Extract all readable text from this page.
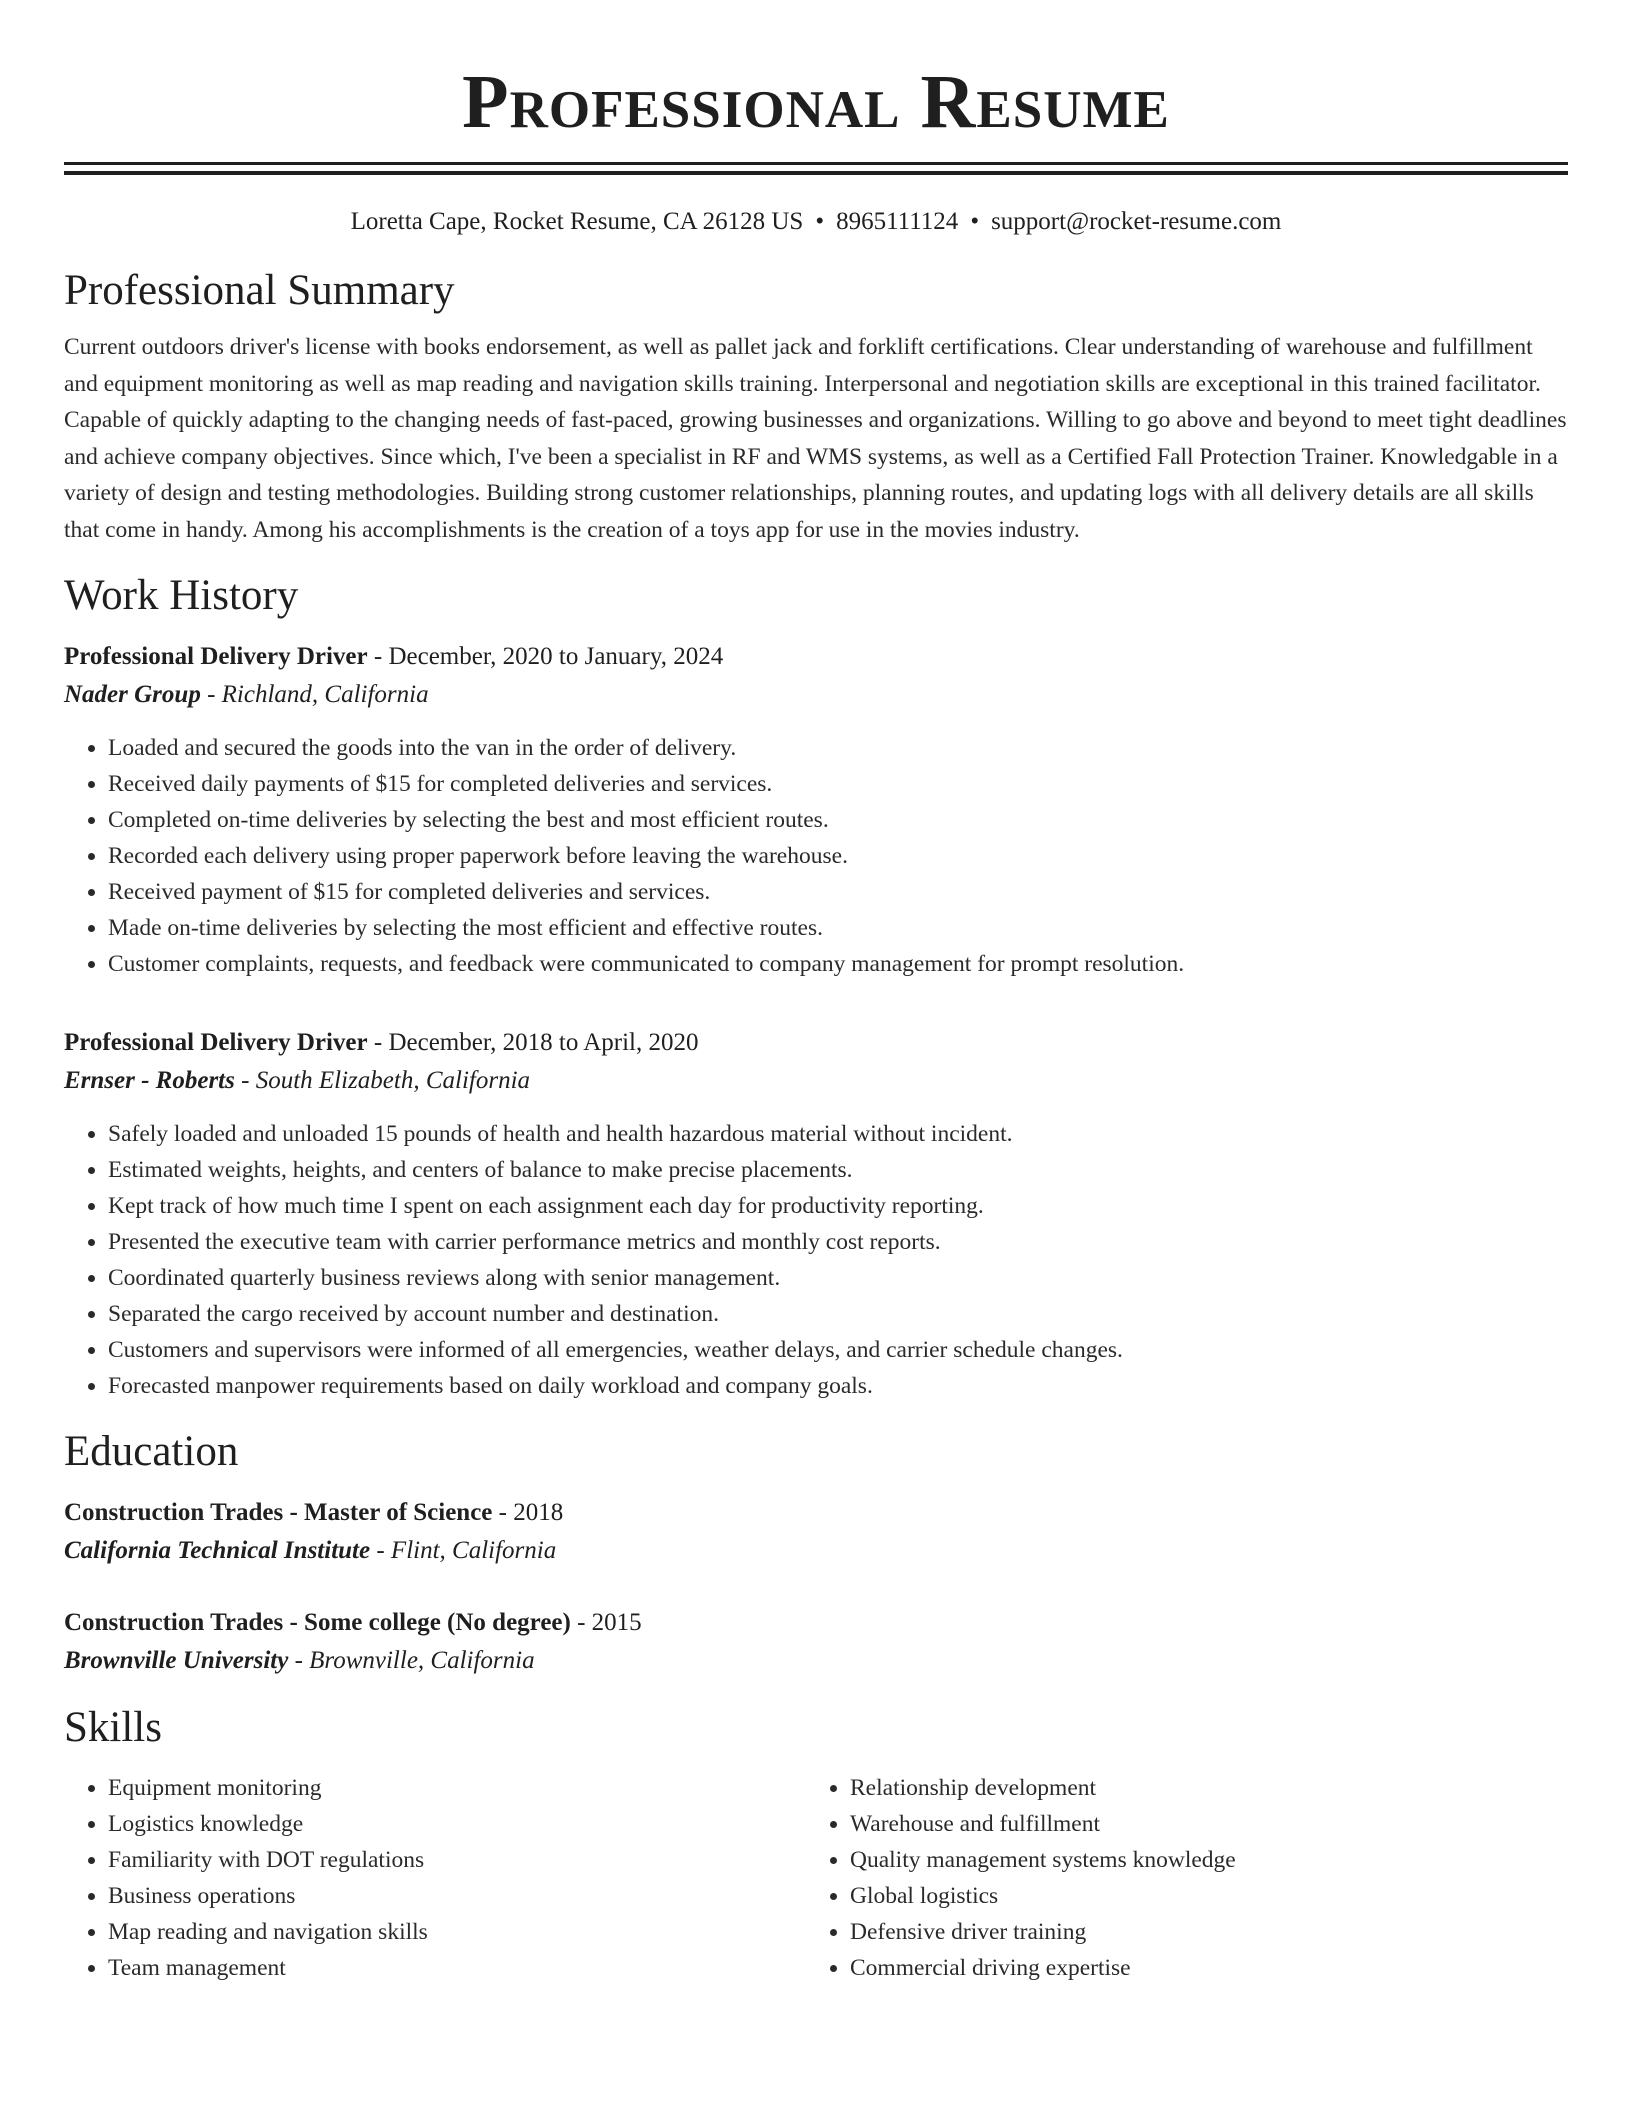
Professional Resume
Loretta Cape, Rocket Resume, CA 26128 US • 8965111124 • support@rocket-resume.com
Professional Summary
Current outdoors driver's license with books endorsement, as well as pallet jack and forklift certifications. Clear understanding of warehouse and fulfillment and equipment monitoring as well as map reading and navigation skills training. Interpersonal and negotiation skills are exceptional in this trained facilitator. Capable of quickly adapting to the changing needs of fast-paced, growing businesses and organizations. Willing to go above and beyond to meet tight deadlines and achieve company objectives. Since which, I've been a specialist in RF and WMS systems, as well as a Certified Fall Protection Trainer. Knowledgable in a variety of design and testing methodologies. Building strong customer relationships, planning routes, and updating logs with all delivery details are all skills that come in handy. Among his accomplishments is the creation of a toys app for use in the movies industry.
Work History
Professional Delivery Driver - December, 2020 to January, 2024
Nader Group - Richland, California
• Loaded and secured the goods into the van in the order of delivery.
• Received daily payments of $15 for completed deliveries and services.
• Completed on-time deliveries by selecting the best and most efficient routes.
• Recorded each delivery using proper paperwork before leaving the warehouse.
• Received payment of $15 for completed deliveries and services.
• Made on-time deliveries by selecting the most efficient and effective routes.
• Customer complaints, requests, and feedback were communicated to company management for prompt resolution.
Professional Delivery Driver - December, 2018 to April, 2020
Ernser - Roberts - South Elizabeth, California
• Safely loaded and unloaded 15 pounds of health and health hazardous material without incident.
• Estimated weights, heights, and centers of balance to make precise placements.
• Kept track of how much time I spent on each assignment each day for productivity reporting.
• Presented the executive team with carrier performance metrics and monthly cost reports.
• Coordinated quarterly business reviews along with senior management.
• Separated the cargo received by account number and destination.
• Customers and supervisors were informed of all emergencies, weather delays, and carrier schedule changes.
• Forecasted manpower requirements based on daily workload and company goals.
Education
Construction Trades - Master of Science - 2018
California Technical Institute - Flint, California
Construction Trades - Some college (No degree) - 2015
Brownville University - Brownville, California
Skills
• Equipment monitoring
• Logistics knowledge
• Familiarity with DOT regulations
• Business operations
• Map reading and navigation skills
• Team management
• Relationship development
• Warehouse and fulfillment
• Quality management systems knowledge
• Global logistics
• Defensive driver training
• Commercial driving expertise
